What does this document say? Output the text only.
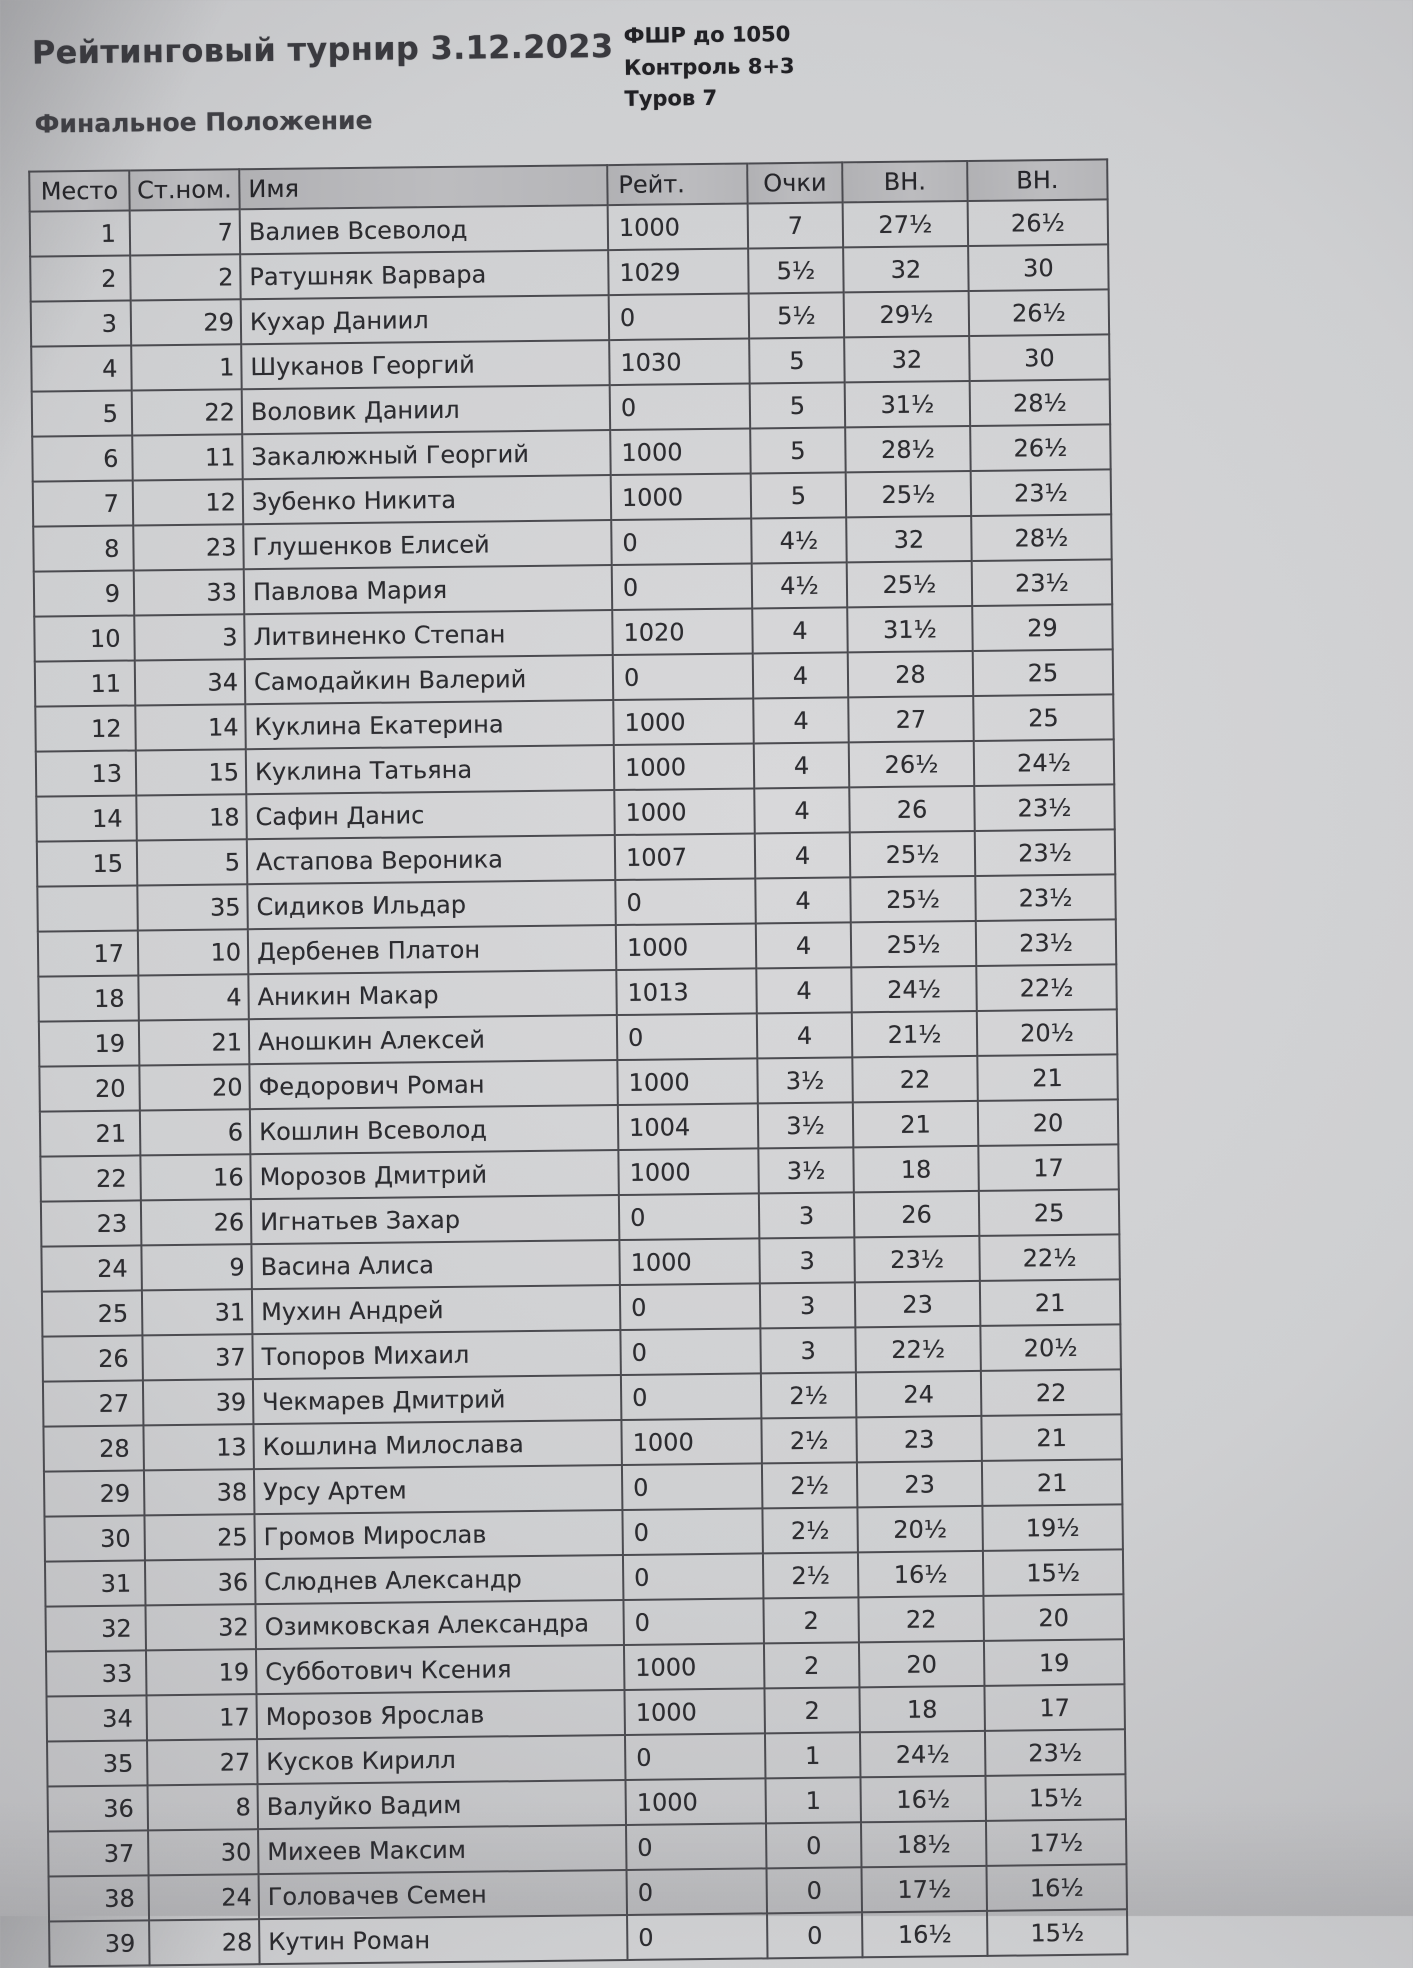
Рейтинговый турнир 3.12.2023 ФШР до 1050
Контроль 8+3
Туров 7
Финальное Положение
Место	Ст.ном.	Имя	Рейт.	Очки	ВН.	ВН.
1	7	Валиев Всеволод	1000	7	27½	26½
2	2	Ратушняк Варвара	1029	5½	32	30
3	29	Кухар Даниил	0	5½	29½	26½
4	1	Шуканов Георгий	1030	5	32	30
5	22	Воловик Даниил	0	5	31½	28½
6	11	Закалюжный Георгий	1000	5	28½	26½
7	12	Зубенко Никита	1000	5	25½	23½
8	23	Глушенков Елисей	0	4½	32	28½
9	33	Павлова Мария	0	4½	25½	23½
10	3	Литвиненко Степан	1020	4	31½	29
11	34	Самодайкин Валерий	0	4	28	25
12	14	Куклина Екатерина	1000	4	27	25
13	15	Куклина Татьяна	1000	4	26½	24½
14	18	Сафин Данис	1000	4	26	23½
15	5	Астапова Вероника	1007	4	25½	23½
	35	Сидиков Ильдар	0	4	25½	23½
17	10	Дербенев Платон	1000	4	25½	23½
18	4	Аникин Макар	1013	4	24½	22½
19	21	Аношкин Алексей	0	4	21½	20½
20	20	Федорович Роман	1000	3½	22	21
21	6	Кошлин Всеволод	1004	3½	21	20
22	16	Морозов Дмитрий	1000	3½	18	17
23	26	Игнатьев Захар	0	3	26	25
24	9	Васина Алиса	1000	3	23½	22½
25	31	Мухин Андрей	0	3	23	21
26	37	Топоров Михаил	0	3	22½	20½
27	39	Чекмарев Дмитрий	0	2½	24	22
28	13	Кошлина Милослава	1000	2½	23	21
29	38	Урсу Артем	0	2½	23	21
30	25	Громов Мирослав	0	2½	20½	19½
31	36	Слюднев Александр	0	2½	16½	15½
32	32	Озимковская Александра	0	2	22	20
33	19	Субботович Ксения	1000	2	20	19
34	17	Морозов Ярослав	1000	2	18	17
35	27	Кусков Кирилл	0	1	24½	23½
36	8	Валуйко Вадим	1000	1	16½	15½
37	30	Михеев Максим	0	0	18½	17½
38	24	Головачев Семен	0	0	17½	16½
39	28	Кутин Роман	0	0	16½	15½
